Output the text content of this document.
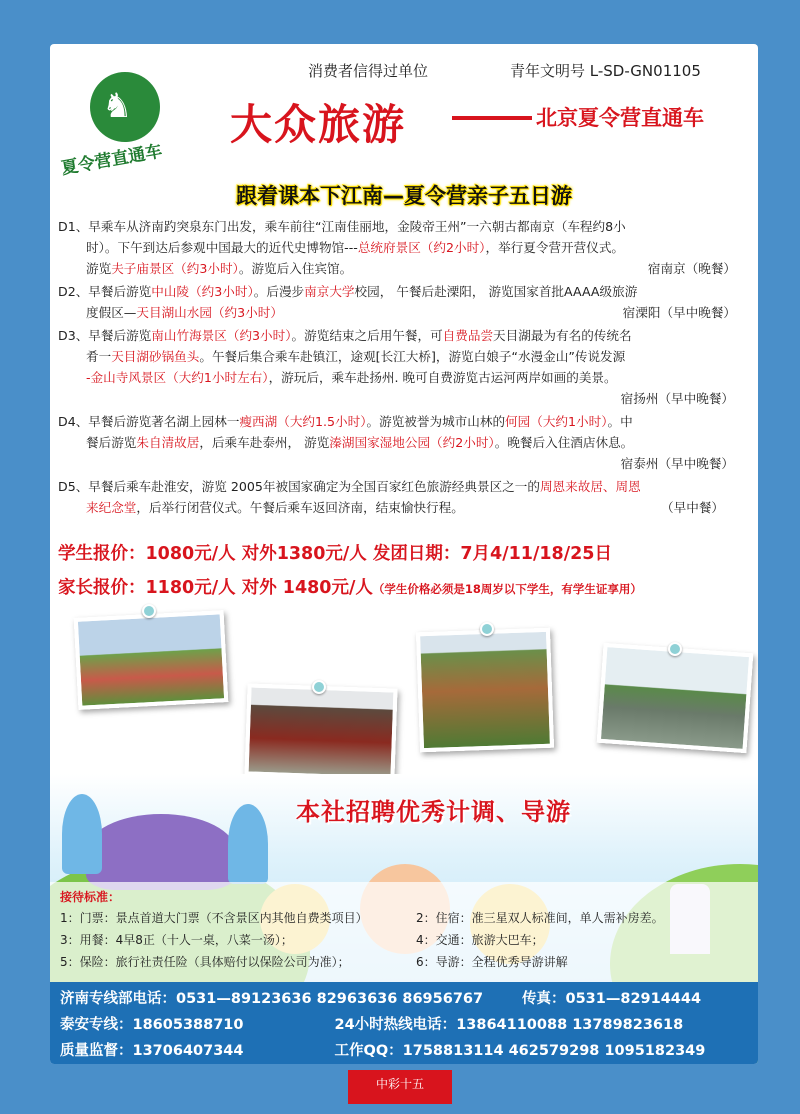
♞
夏令营直通车
消费者信得过单位	青年文明号 L-SD-GN01105
大众旅游	北京夏令营直通车
跟着课本下江南—夏令营亲子五日游

D1、早乘车从济南趵突泉东门出发，乘车前往“江南佳丽地，金陵帝王州”一六朝古都南京（车程约8小

时）。下午到达后参观中国最大的近代史博物馆---总统府景区（约2小时），举行夏令营开营仪式。

游览夫子庙景区（约3小时）。游览后入住宾馆。	宿南京（晚餐）

D2、早餐后游览中山陵（约3小时）。后漫步南京大学校园， 午餐后赴溧阳， 游览国家首批AAAA级旅游

度假区—天目湖山水园（约3小时）	宿溧阳（早中晚餐）

D3、早餐后游览南山竹海景区（约3小时）。游览结束之后用午餐，可自费品尝天目湖最为有名的传统名

肴一天目湖砂锅鱼头。午餐后集合乘车赴镇江，途观[长江大桥]，游览白娘子“水漫金山”传说发源

-金山寺风景区（大约1小时左右），游玩后，乘车赴扬州. 晚可自费游览古运河两岸如画的美景。

宿扬州（早中晚餐）

D4、早餐后游览著名湖上园林一瘦西湖（大约1.5小时）。游览被誉为城市山林的何园（大约1小时）。中

餐后游览朱自清故居，后乘车赴泰州， 游览溱湖国家湿地公园（约2小时）。晚餐后入住酒店休息。

宿泰州（早中晚餐）

D5、早餐后乘车赴淮安，游览 2005年被国家确定为全国百家红色旅游经典景区之一的周恩来故居、周恩

来纪念堂，后举行闭营仪式。午餐后乘车返回济南，结束愉快行程。	（早中餐）

学生报价：1080元/人 对外1380元/人 发团日期：7月4/11/18/25日
家长报价：1180元/人 对外 1480元/人（学生价格必须是18周岁以下学生，有学生证享用）
本社招聘优秀计调、导游
接待标准：
1：门票：景点首道大门票（不含景区内其他自费类项目）	2：住宿：准三星双人标准间，单人需补房差。
3：用餐：4早8正（十人一桌，八菜一汤）；	4：交通：旅游大巴车；
5：保险：旅行社责任险（具体赔付以保险公司为准）；	6：导游：全程优秀导游讲解
济南专线部电话： 0531—89123636 82963636 86956767	传真： 0531—82914444
泰安专线： 18605388710	24小时热线电话： 13864110088 13789823618
质量监督： 13706407344	工作QQ： 1758813114 462579298 1095182349
中彩十五
